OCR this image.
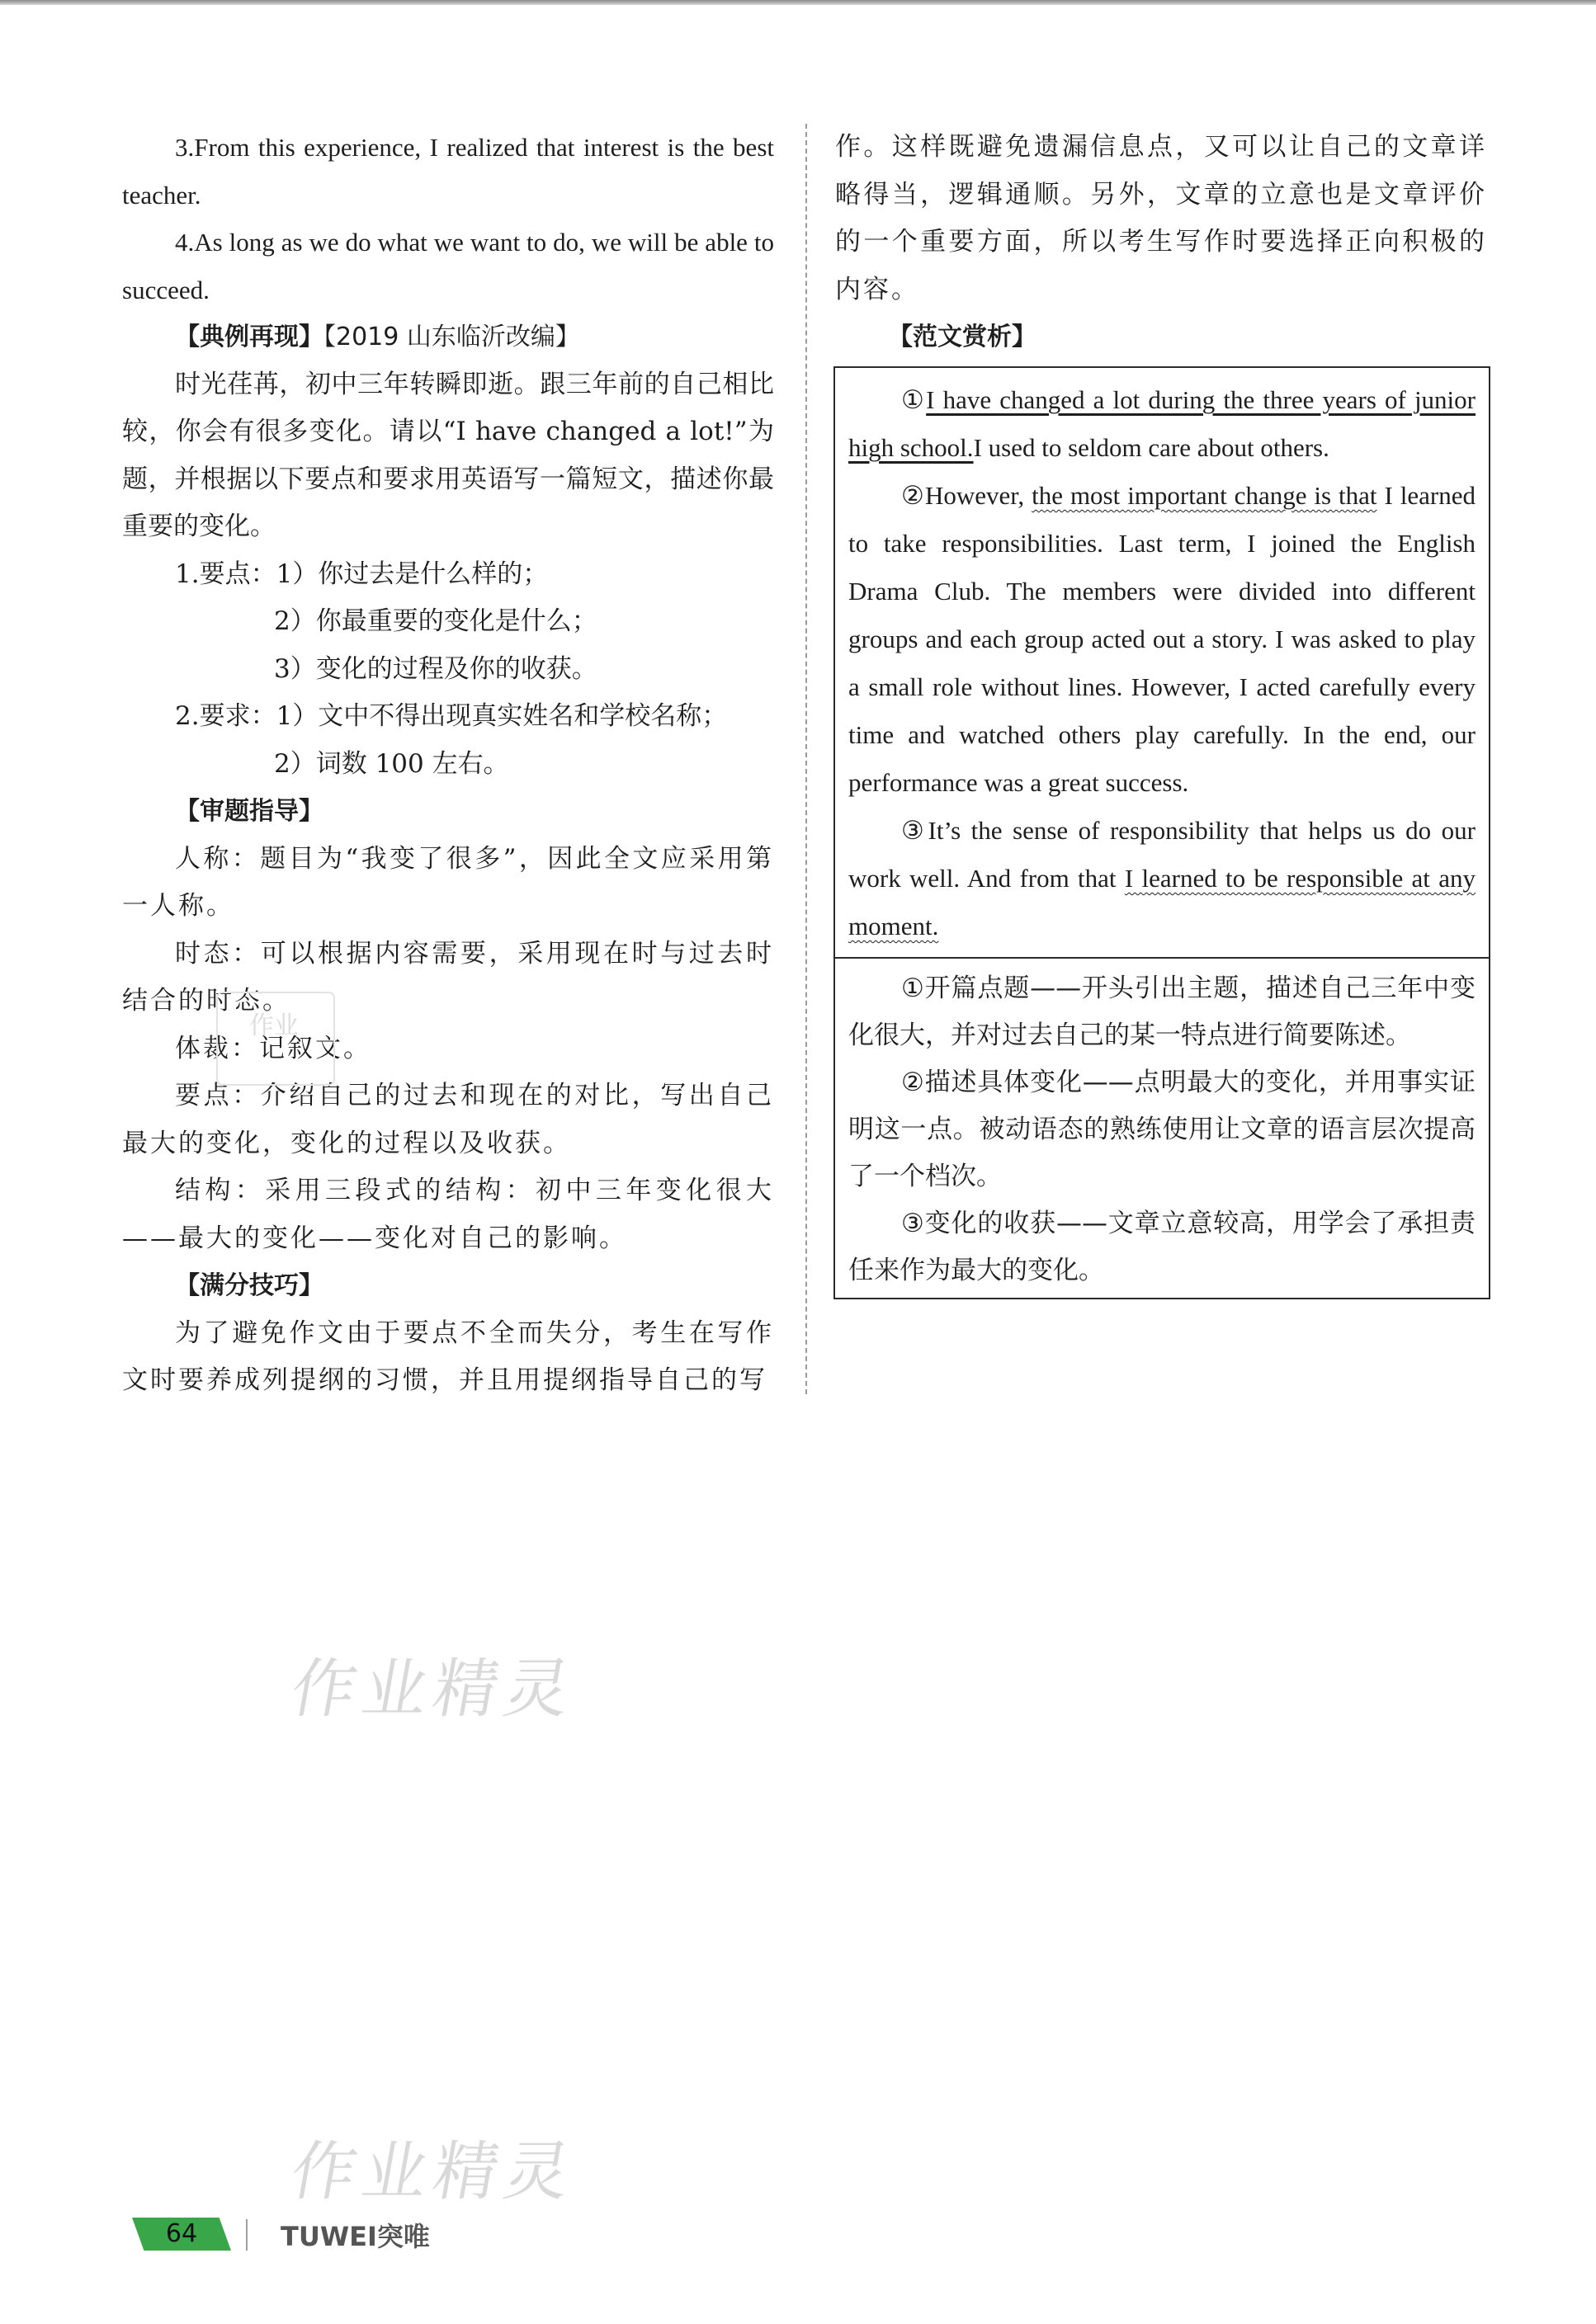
3.From this experience, I realized that interest is the best teacher.

4.As long as we do what we want to do, we will be able to succeed.

【典例再现】【2019 山东临沂改编】

时光荏苒，初中三年转瞬即逝。跟三年前的自己相比较，你会有很多变化。请以“I have changed a lot!”为题，并根据以下要点和要求用英语写一篇短文，描述你最重要的变化。

1.要点：1）你过去是什么样的；

2）你最重要的变化是什么；

3）变化的过程及你的收获。

2.要求：1）文中不得出现真实姓名和学校名称；

2）词数 100 左右。

【审题指导】

人称：题目为“我变了很多”，因此全文应采用第一人称。

时态：可以根据内容需要，采用现在时与过去时结合的时态。

体裁：记叙文。

要点：介绍自己的过去和现在的对比，写出自己最大的变化，变化的过程以及收获。

结构：采用三段式的结构：初中三年变化很大——最大的变化——变化对自己的影响。

【满分技巧】

为了避免作文由于要点不全而失分，考生在写作文时要养成列提纲的习惯，并且用提纲指导自己的写

作。这样既避免遗漏信息点，又可以让自己的文章详略得当，逻辑通顺。另外，文章的立意也是文章评价的一个重要方面，所以考生写作时要选择正向积极的内容。

【范文赏析】

①I have changed a lot during the three years of junior high school.I used to seldom care about others.

②However, the most important change is that I learned to take responsibilities. Last term, I joined the English Drama Club. The members were divided into different groups and each group acted out a story. I was asked to play a small role without lines. However, I acted carefully every time and watched others play carefully. In the end, our performance was a great success.

③It’s the sense of responsibility that helps us do our work well. And from that I learned to be responsible at any moment.

①开篇点题——开头引出主题，描述自己三年中变化很大，并对过去自己的某一特点进行简要陈述。

②描述具体变化——点明最大的变化，并用事实证明这一点。被动语态的熟练使用让文章的语言层次提高了一个档次。

③变化的收获——文章立意较高，用学会了承担责任来作为最大的变化。

作业
作业精灵
作业精灵
64	TUWEI突唯
